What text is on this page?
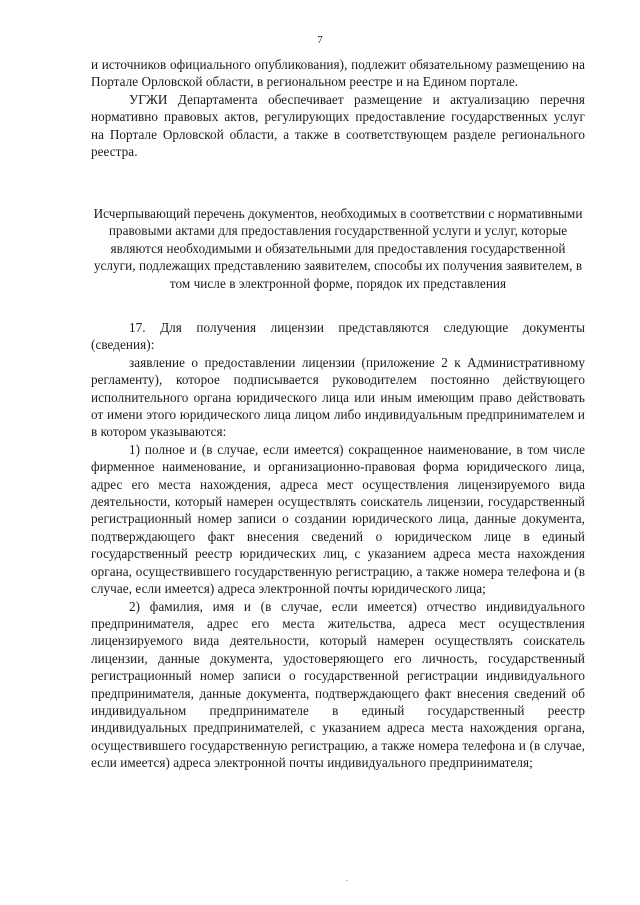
7

и источников официального опубликования), подлежит обязательному размещению на Портале Орловской области, в региональном реестре и на Едином портале.

УГЖИ Департамента обеспечивает размещение и актуализацию перечня нормативно правовых актов, регулирующих предоставление государственных услуг на Портале Орловской области, а также в соответствующем разделе регионального реестра.

Исчерпывающий перечень документов, необходимых в соответствии с нормативными правовыми актами для предоставления государственной услуги и услуг, которые являются необходимыми и обязательными для предоставления государственной услуги, подлежащих представлению заявителем, способы их получения заявителем, в том числе в электронной форме, порядок их представления

17. Для получения лицензии представляются следующие документы (сведения):

заявление о предоставлении лицензии (приложение 2 к Административному регламенту), которое подписывается руководителем постоянно действующего исполнительного органа юридического лица или иным имеющим право действовать от имени этого юридического лица лицом либо индивидуальным предпринимателем и в котором указываются:

1) полное и (в случае, если имеется) сокращенное наименование, в том числе фирменное наименование, и организационно-правовая форма юридического лица, адрес его места нахождения, адреса мест осуществления лицензируемого вида деятельности, который намерен осуществлять соискатель лицензии, государственный регистрационный номер записи о создании юридического лица, данные документа, подтверждающего факт внесения сведений о юридическом лице в единый государственный реестр юридических лиц, с указанием адреса места нахождения органа, осуществившего государственную регистрацию, а также номера телефона и (в случае, если имеется) адреса электронной почты юридического лица;

2) фамилия, имя и (в случае, если имеется) отчество индивидуального предпринимателя, адрес его места жительства, адреса мест осуществления лицензируемого вида деятельности, который намерен осуществлять соискатель лицензии, данные документа, удостоверяющего его личность, государственный регистрационный номер записи о государственной регистрации индивидуального предпринимателя, данные документа, подтверждающего факт внесения сведений об индивидуальном предпринимателе в единый государственный реестр индивидуальных предпринимателей, с указанием адреса места нахождения органа, осуществившего государственную регистрацию, а также номера телефона и (в случае, если имеется) адреса электронной почты индивидуального предпринимателя;
